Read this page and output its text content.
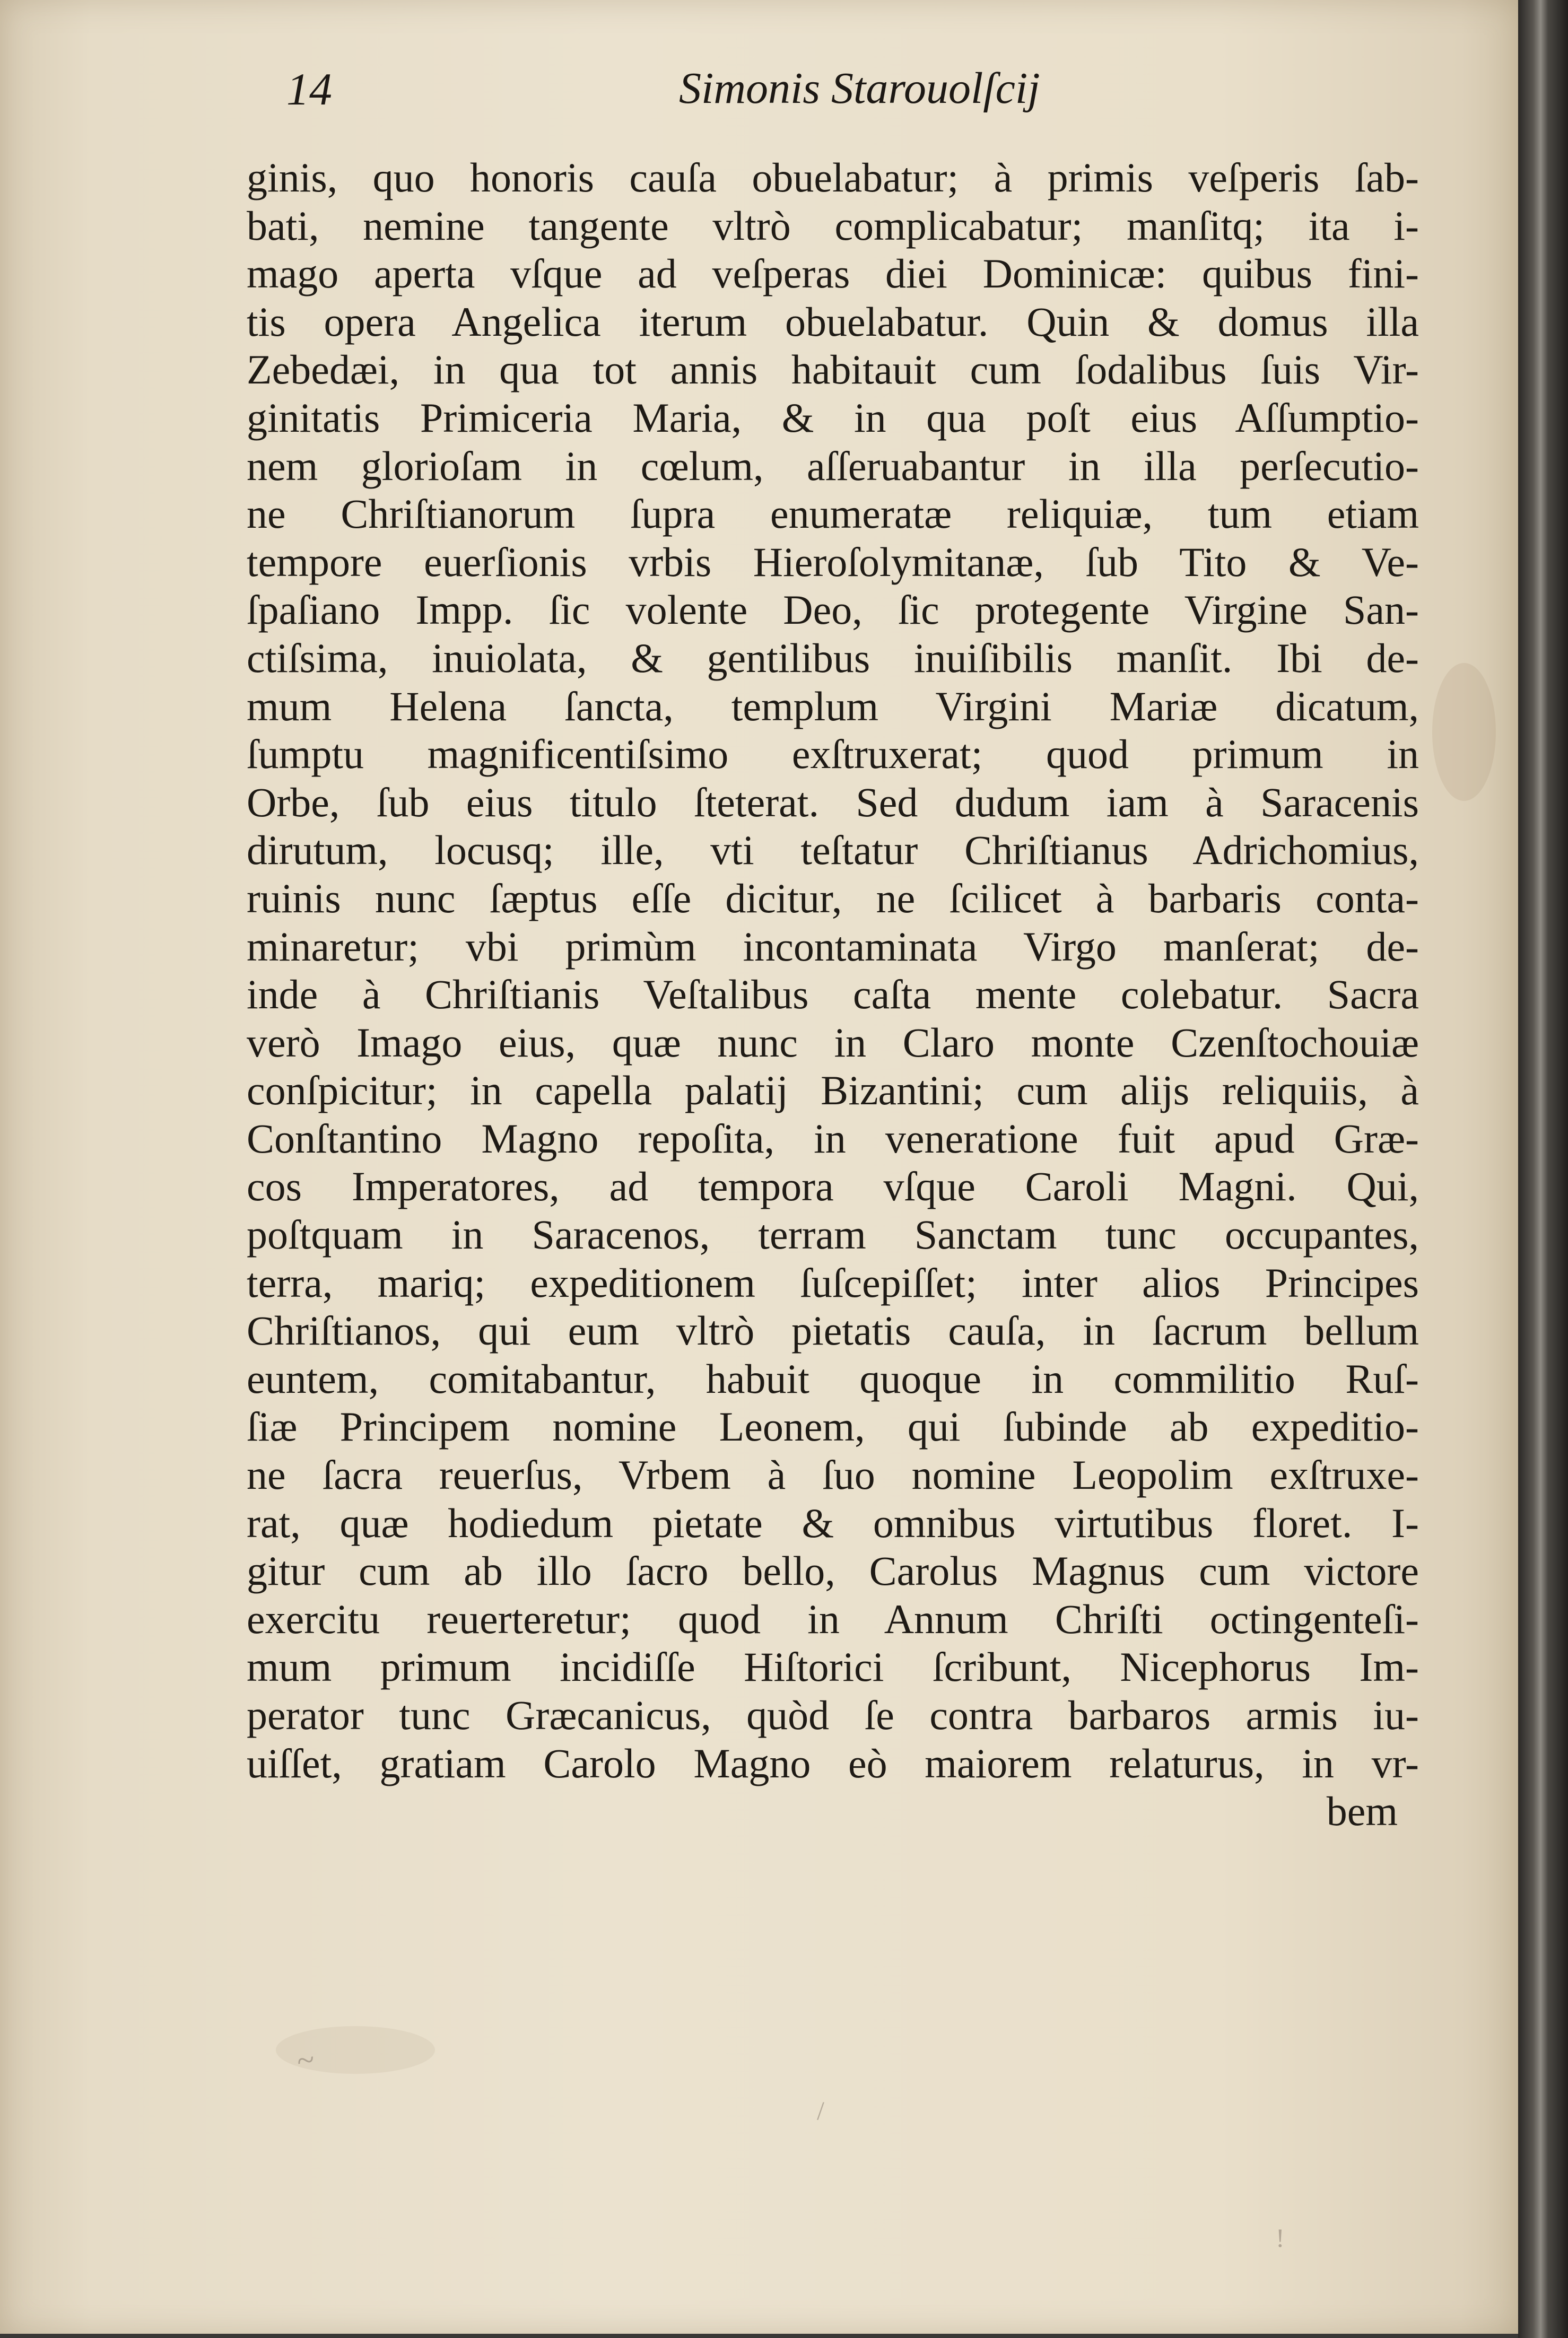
14	Simonis Starouolſcij
ginis, quo honoris cauſa obuelabatur; à primis veſperis ſab-
bati, nemine tangente vltrò complicabatur; manſitq; ita i-
mago aperta vſque ad veſperas diei Dominicæ: quibus fini-
tis opera Angelica iterum obuelabatur. Quin & domus illa
Zebedæi, in qua tot annis habitauit cum ſodalibus ſuis Vir-
ginitatis Primiceria Maria, & in qua poſt eius Aſſumptio-
nem glorioſam in cœlum, aſſeruabantur in illa perſecutio-
ne Chriſtianorum ſupra enumeratæ reliquiæ, tum etiam
tempore euerſionis vrbis Hieroſolymitanæ, ſub Tito & Ve-
ſpaſiano Impp. ſic volente Deo, ſic protegente Virgine San-
ctiſsima, inuiolata, & gentilibus inuiſibilis manſit. Ibi de-
mum Helena ſancta, templum Virgini Mariæ dicatum,
ſumptu magnificentiſsimo exſtruxerat; quod primum in
Orbe, ſub eius titulo ſteterat. Sed dudum iam à Saracenis
dirutum, locusq; ille, vti teſtatur Chriſtianus Adrichomius,
ruinis nunc ſæptus eſſe dicitur, ne ſcilicet à barbaris conta-
minaretur; vbi primùm incontaminata Virgo manſerat; de-
inde à Chriſtianis Veſtalibus caſta mente colebatur. Sacra
verò Imago eius, quæ nunc in Claro monte Czenſtochouiæ
conſpicitur; in capella palatij Bizantini; cum alijs reliquiis, à
Conſtantino Magno repoſita, in veneratione fuit apud Græ-
cos Imperatores, ad tempora vſque Caroli Magni. Qui,
poſtquam in Saracenos, terram Sanctam tunc occupantes,
terra, mariq; expeditionem ſuſcepiſſet; inter alios Principes
Chriſtianos, qui eum vltrò pietatis cauſa, in ſacrum bellum
euntem, comitabantur, habuit quoque in commilitio Ruſ-
ſiæ Principem nomine Leonem, qui ſubinde ab expeditio-
ne ſacra reuerſus, Vrbem à ſuo nomine Leopolim exſtruxe-
rat, quæ hodiedum pietate & omnibus virtutibus floret. I-
gitur cum ab illo ſacro bello, Carolus Magnus cum victore
exercitu reuerteretur; quod in Annum Chriſti octingenteſi-
mum primum incidiſſe Hiſtorici ſcribunt, Nicephorus Im-
perator tunc Græcanicus, quòd ſe contra barbaros armis iu-
uiſſet, gratiam Carolo Magno eò maiorem relaturus, in vr-
bem
~
/
!
